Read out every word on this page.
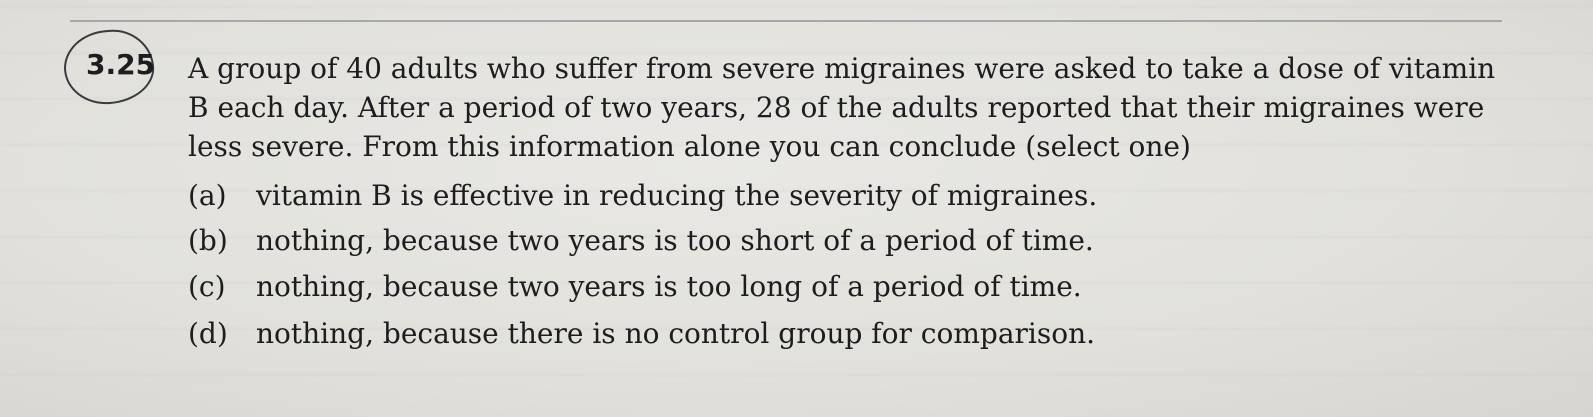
3.25 A group of 40 adults who suffer from severe migraines were asked to take a dose of vitamin
B each day. After a period of two years, 28 of the adults reported that their migraines were
less severe. From this information alone you can conclude (select one)
(a) vitamin B is effective in reducing the severity of migraines.
(b) nothing, because two years is too short of a period of time.
(c) nothing, because two years is too long of a period of time.
(d) nothing, because there is no control group for comparison.
